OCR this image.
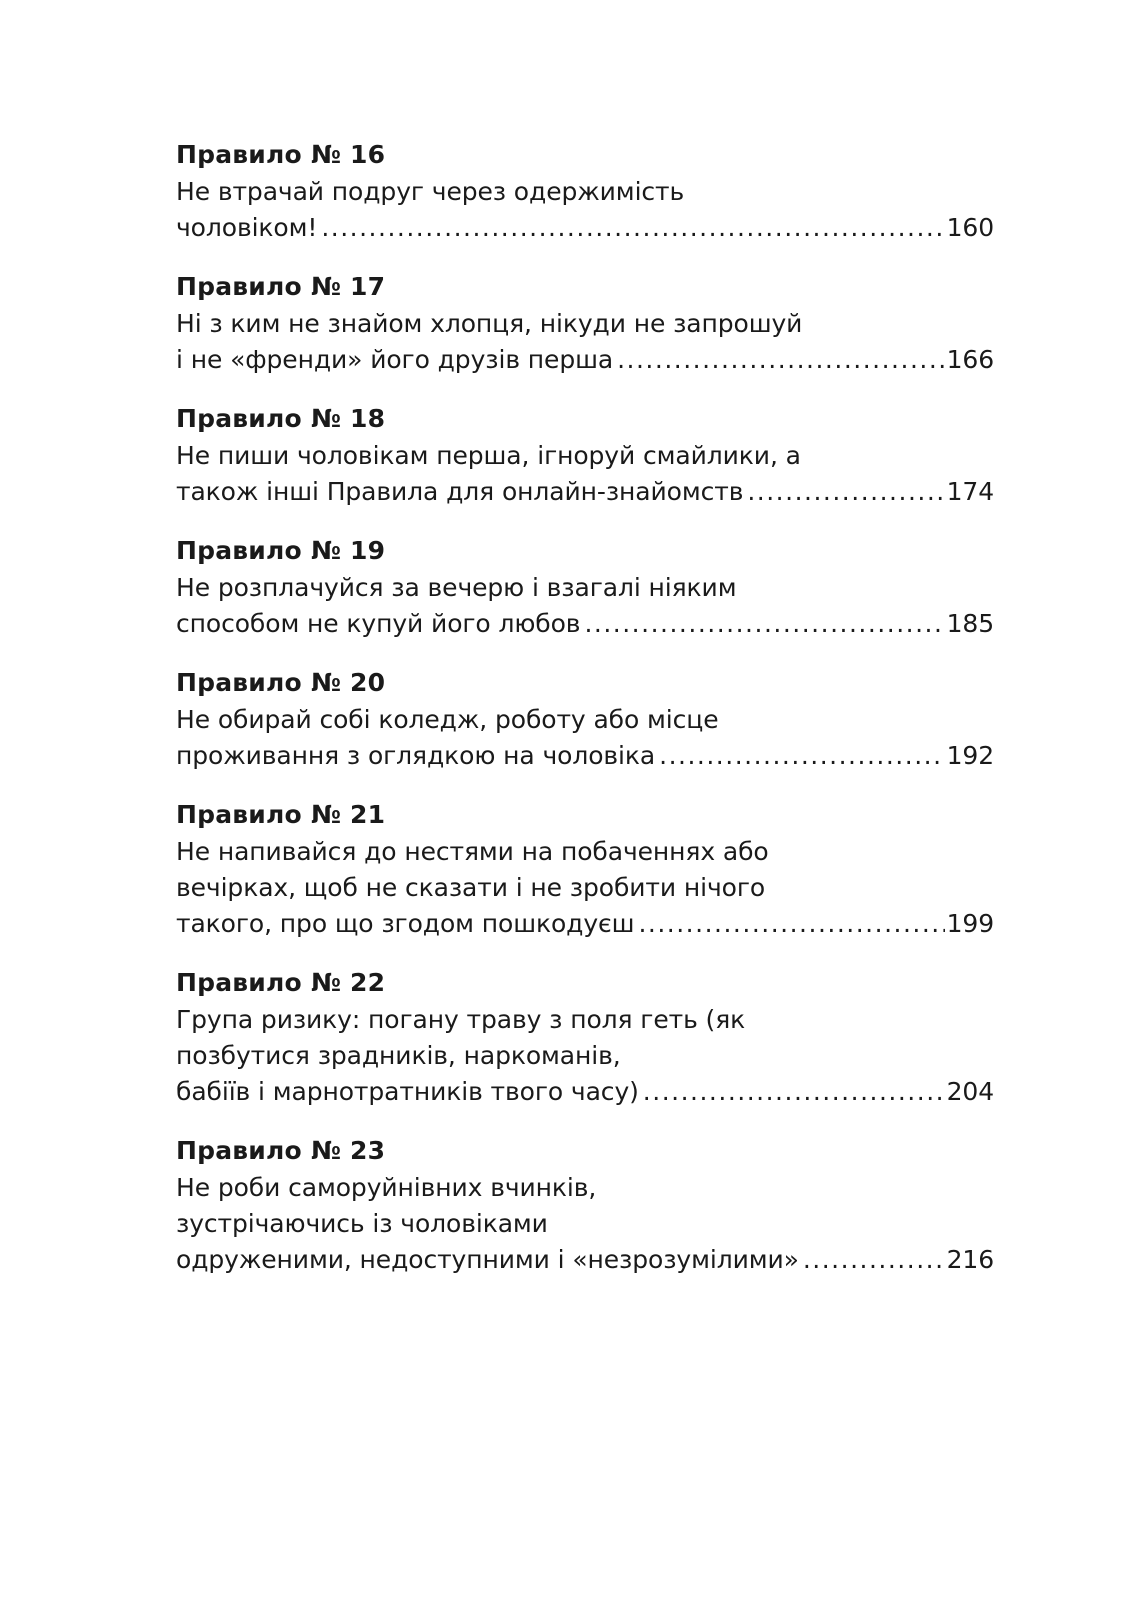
Правило № 16
Не втрачай подруг через одержимість
чоловіком! .....	160
Правило № 17
Ні з ким не знайом хлопця, нікуди не запрошуй
і не «френди» його друзів перша .....	166
Правило № 18
Не пиши чоловікам перша, ігноруй смайлики, а
також інші Правила для онлайн-знайомств .....	174
Правило № 19
Не розплачуйся за вечерю і взагалі ніяким
способом не купуй його любов .....	185
Правило № 20
Не обирай собі коледж, роботу або місце
проживання з оглядкою на чоловіка .....	192
Правило № 21
Не напивайся до нестями на побаченнях або
вечірках, щоб не сказати і не зробити нічого
такого, про що згодом пошкодуєш .....	199
Правило № 22
Група ризику: погану траву з поля геть (як
позбутися зрадників, наркоманів,
бабіїв і марнотратників твого часу) .....	204
Правило № 23
Не роби саморуйнівних вчинків,
зустрічаючись із чоловіками
одруженими, недоступними і «незрозумілими» .....	216
